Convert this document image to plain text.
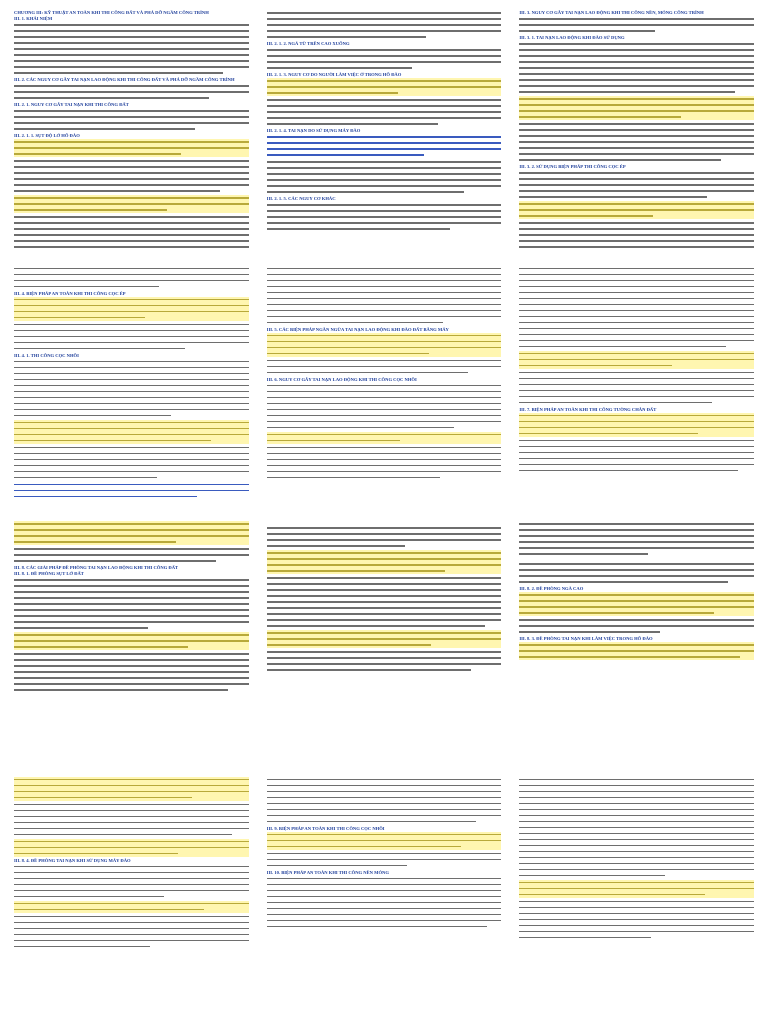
CHƯƠNG III: KỸ THUẬT AN TOÀN KHI THI CÔNG ĐẤT VÀ PHÁ DỠ NGẦM CÔNG TRÌNH
III. 1. KHÁI NIỆM
III. 2. CÁC NGUY CƠ GÂY TAI NẠN LAO ĐỘNG KHI THI CÔNG ĐẤT VÀ PHÁ DỠ NGẦM CÔNG TRÌNH
III. 2. 1. NGUY CƠ GÂY TAI NẠN KHI THI CÔNG ĐẤT
III. 2. 1. 1. SỤT ĐỘ LỞ HỐ ĐÀO
III. 2. 1. 2. NGÃ TỪ TRÊN CAO XUỐNG
III. 2. 1. 3. NGUY CƠ DO NGƯỜI LÀM VIỆC Ở TRONG HỐ ĐÀO
III. 2. 1. 4. TAI NẠN DO SỬ DỤNG MÁY ĐÀO
III. 2. 1. 5. CÁC NGUY CƠ KHÁC
III. 3. NGUY CƠ GÂY TAI NẠN LAO ĐỘNG KHI THI CÔNG NỀN, MÓNG CÔNG TRÌNH
III. 3. 1. TAI NẠN LAO ĐỘNG KHI ĐÀO SỬ DỤNG
III. 3. 2. SỬ DỤNG BIỆN PHÁP THI CÔNG CỌC ÉP
III. 4. BIỆN PHÁP AN TOÀN KHI THI CÔNG CỌC ÉP
III. 4. 1. THI CÔNG CỌC NHỒI
III. 5. CÁC BIỆN PHÁP NGĂN NGỪA TAI NẠN LAO ĐỘNG KHI ĐÀO ĐẤT BẰNG MÁY
III. 6. NGUY CƠ GÂY TAI NẠN LAO ĐỘNG KHI THI CÔNG CỌC NHỒI
III. 7. BIỆN PHÁP AN TOÀN KHI THI CÔNG TƯỜNG CHẮN ĐẤT
III. 8. CÁC GIẢI PHÁP ĐỀ PHÒNG TAI NẠN LAO ĐỘNG KHI THI CÔNG ĐẤT
III. 8. 1. ĐỀ PHÒNG SỤT LỞ ĐẤT
III. 8. 2. ĐỀ PHÒNG NGÃ CAO
III. 8. 3. ĐỀ PHÒNG TAI NẠN KHI LÀM VIỆC TRONG HỐ ĐÀO
III. 8. 4. ĐỀ PHÒNG TAI NẠN KHI SỬ DỤNG MÁY ĐÀO
III. 9. BIỆN PHÁP AN TOÀN KHI THI CÔNG CỌC NHỒI
III. 10. BIỆN PHÁP AN TOÀN KHI THI CÔNG NỀN MÓNG
